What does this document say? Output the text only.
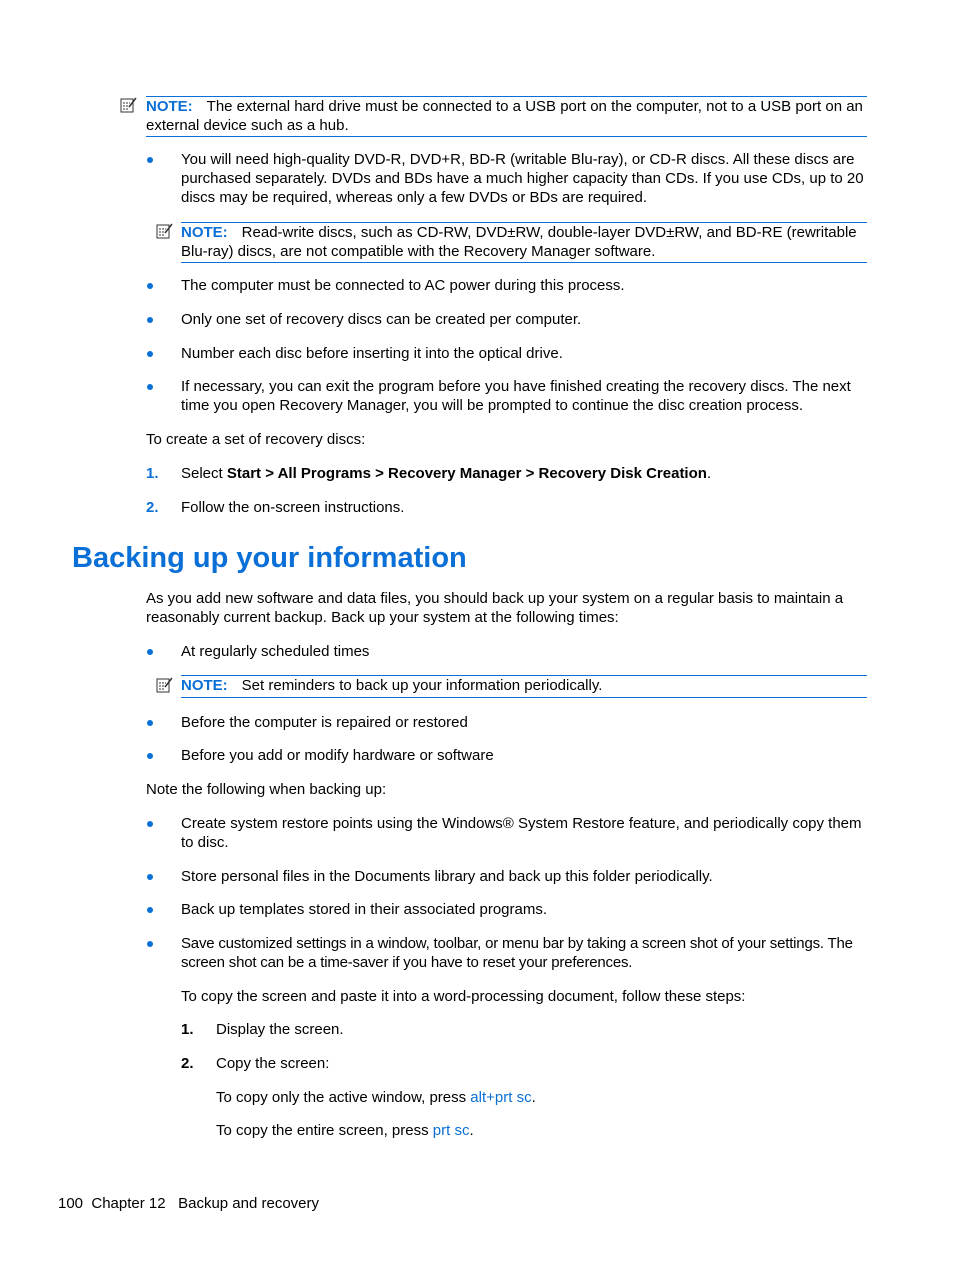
NOTE: The external hard drive must be connected to a USB port on the computer, not to a USB port on an external device such as a hub.
You will need high-quality DVD-R, DVD+R, BD-R (writable Blu-ray), or CD-R discs. All these discs are purchased separately. DVDs and BDs have a much higher capacity than CDs. If you use CDs, up to 20 discs may be required, whereas only a few DVDs or BDs are required.
NOTE: Read-write discs, such as CD-RW, DVD±RW, double-layer DVD±RW, and BD-RE (rewritable Blu-ray) discs, are not compatible with the Recovery Manager software.
The computer must be connected to AC power during this process.
Only one set of recovery discs can be created per computer.
Number each disc before inserting it into the optical drive.
If necessary, you can exit the program before you have finished creating the recovery discs. The next time you open Recovery Manager, you will be prompted to continue the disc creation process.
To create a set of recovery discs:
1. Select Start > All Programs > Recovery Manager > Recovery Disk Creation.
2. Follow the on-screen instructions.
Backing up your information
As you add new software and data files, you should back up your system on a regular basis to maintain a reasonably current backup. Back up your system at the following times:
At regularly scheduled times
NOTE: Set reminders to back up your information periodically.
Before the computer is repaired or restored
Before you add or modify hardware or software
Note the following when backing up:
Create system restore points using the Windows® System Restore feature, and periodically copy them to disc.
Store personal files in the Documents library and back up this folder periodically.
Back up templates stored in their associated programs.
Save customized settings in a window, toolbar, or menu bar by taking a screen shot of your settings. The screen shot can be a time-saver if you have to reset your preferences.
To copy the screen and paste it into a word-processing document, follow these steps:
1. Display the screen.
2. Copy the screen:
To copy only the active window, press alt+prt sc.
To copy the entire screen, press prt sc.
100 Chapter 12 Backup and recovery
